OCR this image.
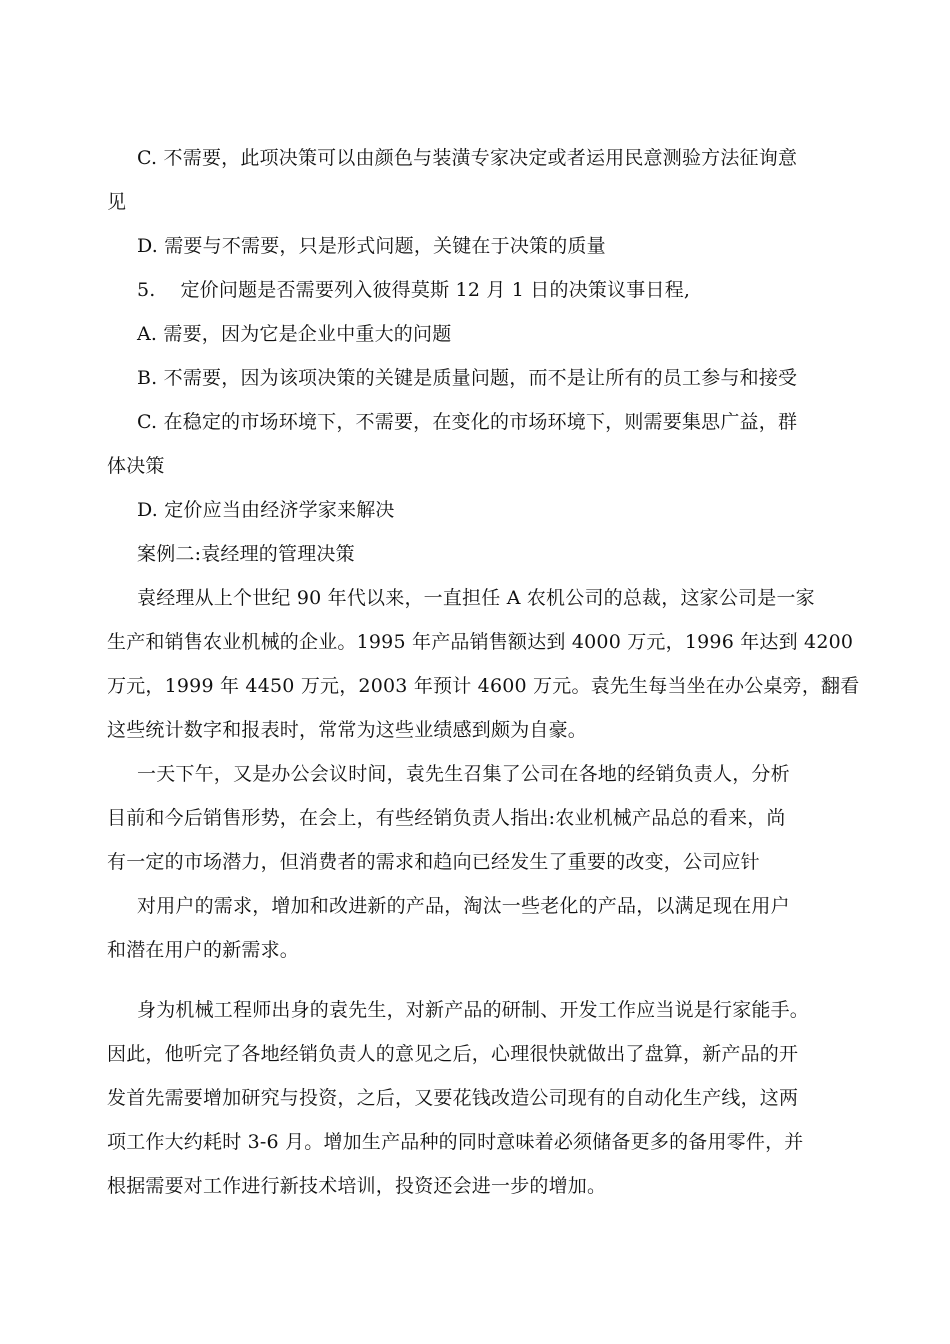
C. 不需要，此项决策可以由颜色与装潢专家决定或者运用民意测验方法征询意
见

D. 需要与不需要，只是形式问题，关键在于决策的质量

5.    定价问题是否需要列入彼得莫斯 12 月 1 日的决策议事日程,

A. 需要，因为它是企业中重大的问题

B. 不需要，因为该项决策的关键是质量问题，而不是让所有的员工参与和接受

C. 在稳定的市场环境下，不需要，在变化的市场环境下，则需要集思广益，群
体决策

D. 定价应当由经济学家来解决

案例二:袁经理的管理决策

袁经理从上个世纪 90 年代以来，一直担任 A 农机公司的总裁，这家公司是一家
生产和销售农业机械的企业。1995 年产品销售额达到 4000 万元，1996 年达到 4200
万元，1999 年 4450 万元，2003 年预计 4600 万元。袁先生每当坐在办公桌旁，翻看
这些统计数字和报表时，常常为这些业绩感到颇为自豪。

一天下午，又是办公会议时间，袁先生召集了公司在各地的经销负责人，分析
目前和今后销售形势，在会上，有些经销负责人指出:农业机械产品总的看来，尚
有一定的市场潜力，但消费者的需求和趋向已经发生了重要的改变，公司应针

对用户的需求，增加和改进新的产品，淘汰一些老化的产品，以满足现在用户
和潜在用户的新需求。

身为机械工程师出身的袁先生，对新产品的研制、开发工作应当说是行家能手。
因此，他听完了各地经销负责人的意见之后，心理很快就做出了盘算，新产品的开
发首先需要增加研究与投资，之后，又要花钱改造公司现有的自动化生产线，这两
项工作大约耗时 3-6 月。增加生产品种的同时意味着必须储备更多的备用零件，并
根据需要对工作进行新技术培训，投资还会进一步的增加。
